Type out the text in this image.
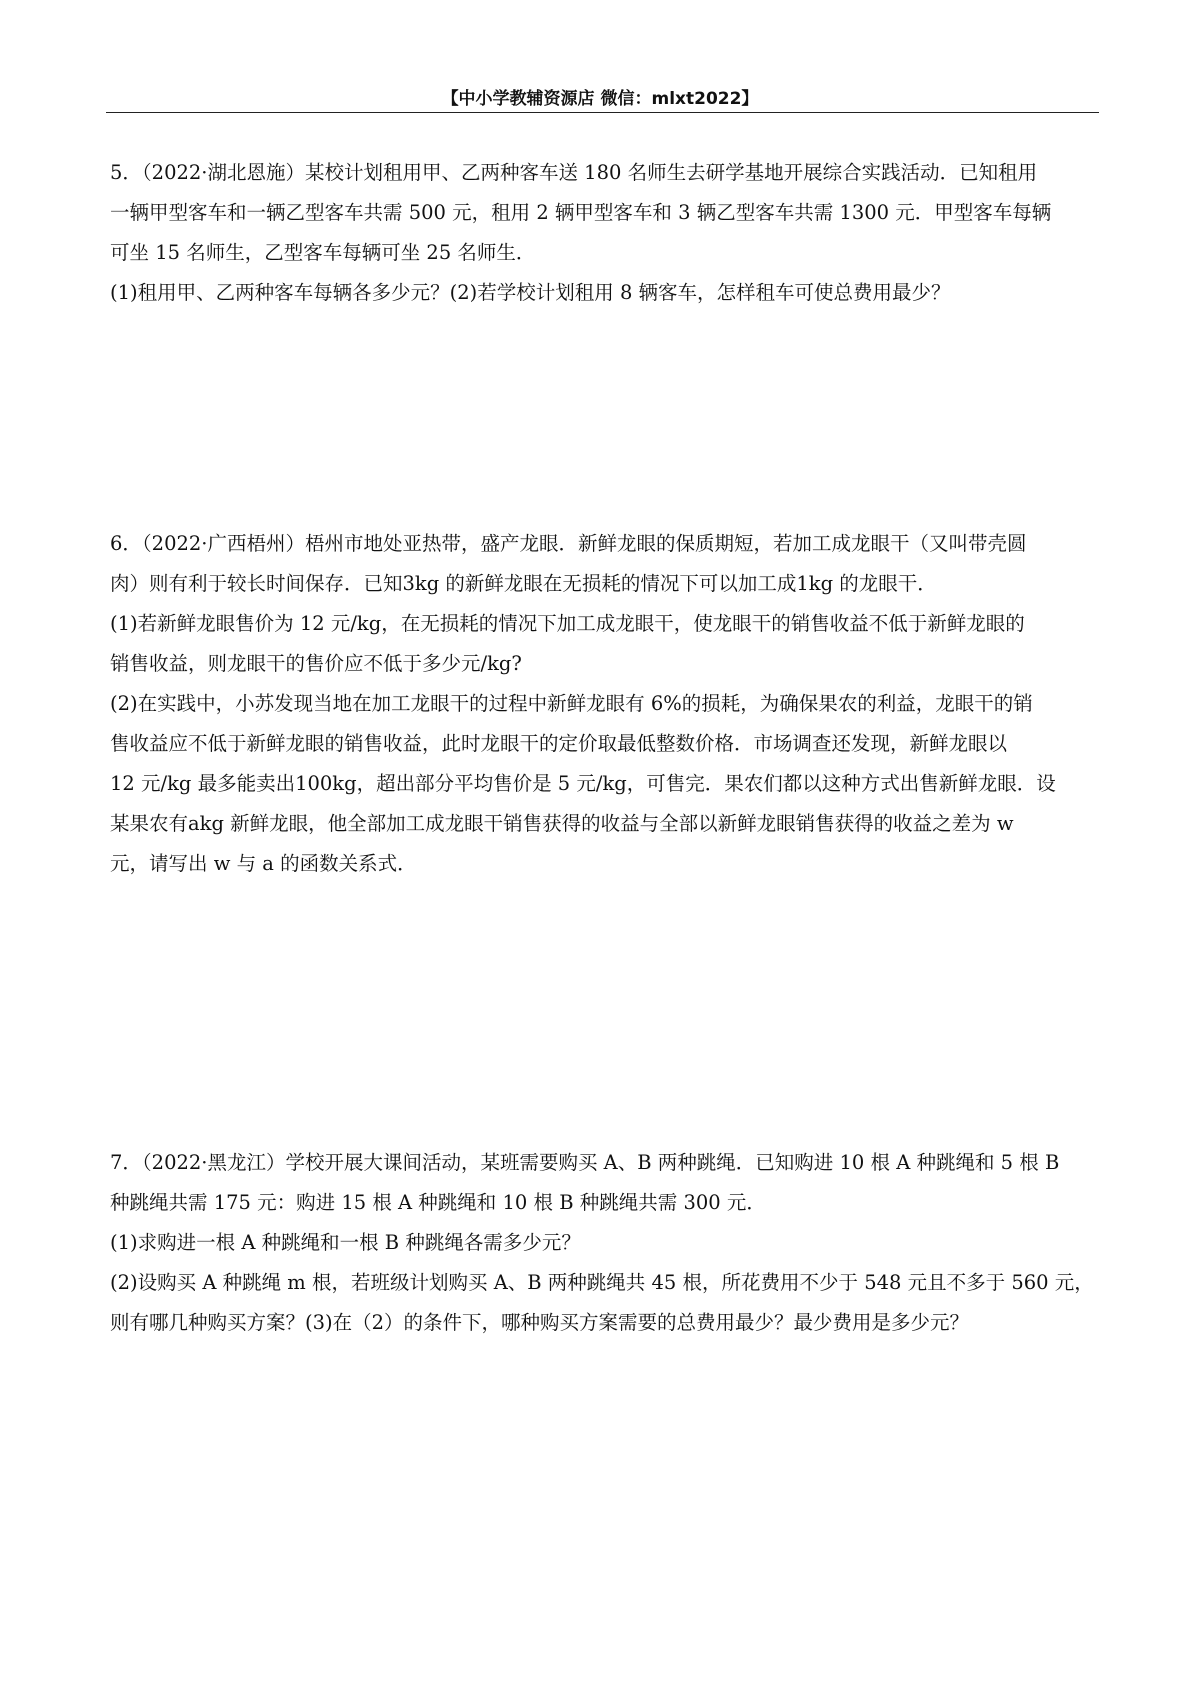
【中小学教辅资源店 微信：mlxt2022】
5．（2022·湖北恩施）某校计划租用甲、乙两种客车送 180 名师生去研学基地开展综合实践活动．已知租用
一辆甲型客车和一辆乙型客车共需 500 元，租用 2 辆甲型客车和 3 辆乙型客车共需 1300 元．甲型客车每辆
可坐 15 名师生，乙型客车每辆可坐 25 名师生．
(1)租用甲、乙两种客车每辆各多少元？(2)若学校计划租用 8 辆客车，怎样租车可使总费用最少？
6．（2022·广西梧州）梧州市地处亚热带，盛产龙眼．新鲜龙眼的保质期短，若加工成龙眼干（又叫带壳圆
肉）则有利于较长时间保存．已知3kg 的新鲜龙眼在无损耗的情况下可以加工成1kg 的龙眼干．
(1)若新鲜龙眼售价为 12 元/kg，在无损耗的情况下加工成龙眼干，使龙眼干的销售收益不低于新鲜龙眼的
销售收益，则龙眼干的售价应不低于多少元/kg?
(2)在实践中，小苏发现当地在加工龙眼干的过程中新鲜龙眼有 6%的损耗，为确保果农的利益，龙眼干的销
售收益应不低于新鲜龙眼的销售收益，此时龙眼干的定价取最低整数价格．市场调查还发现，新鲜龙眼以
12 元/kg 最多能卖出100kg，超出部分平均售价是 5 元/kg，可售完．果农们都以这种方式出售新鲜龙眼．设
某果农有akg 新鲜龙眼，他全部加工成龙眼干销售获得的收益与全部以新鲜龙眼销售获得的收益之差为 w
元，请写出 w 与 a 的函数关系式．
7．（2022·黑龙江）学校开展大课间活动，某班需要购买 A、B 两种跳绳．已知购进 10 根 A 种跳绳和 5 根 B
种跳绳共需 175 元：购进 15 根 A 种跳绳和 10 根 B 种跳绳共需 300 元．
(1)求购进一根 A 种跳绳和一根 B 种跳绳各需多少元？
(2)设购买 A 种跳绳 m 根，若班级计划购买 A、B 两种跳绳共 45 根，所花费用不少于 548 元且不多于 560 元，
则有哪几种购买方案？(3)在（2）的条件下，哪种购买方案需要的总费用最少？最少费用是多少元？
